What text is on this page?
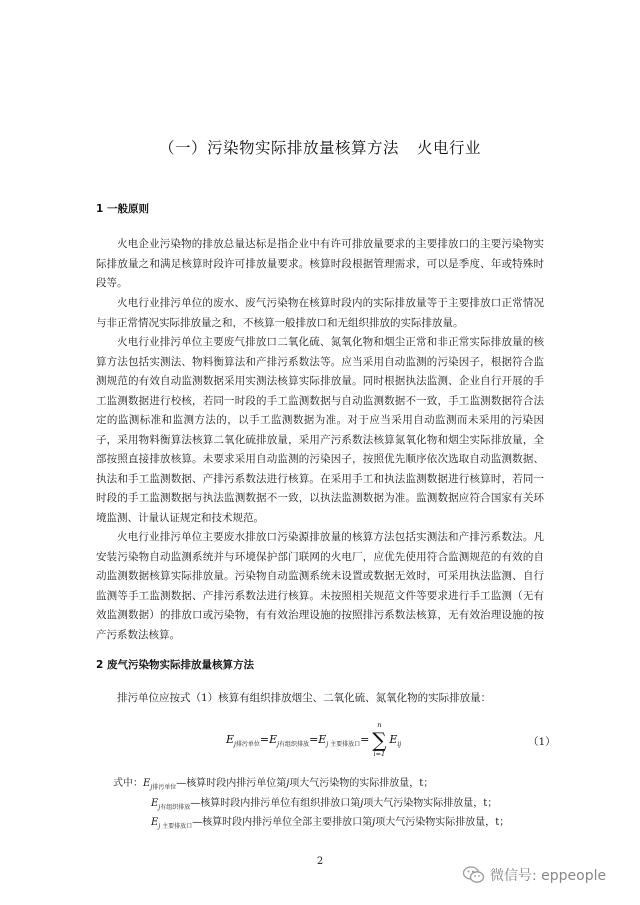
（一）污染物实际排放量核算方法 火电行业
1 一般原则

火电企业污染物的排放总量达标是指企业中有许可排放量要求的主要排放口的主要污染物实际排放量之和满足核算时段许可排放量要求。核算时段根据管理需求，可以是季度、年或特殊时段等。

火电行业排污单位的废水、废气污染物在核算时段内的实际排放量等于主要排放口正常情况与非正常情况实际排放量之和，不核算一般排放口和无组织排放的实际排放量。

火电行业排污单位主要废气排放口二氧化硫、氮氧化物和烟尘正常和非正常实际排放量的核算方法包括实测法、物料衡算法和产排污系数法等。应当采用自动监测的污染因子，根据符合监测规范的有效自动监测数据采用实测法核算实际排放量。同时根据执法监测、企业自行开展的手工监测数据进行校核，若同一时段的手工监测数据与自动监测数据不一致，手工监测数据符合法定的监测标准和监测方法的，以手工监测数据为准。对于应当采用自动监测而未采用的污染因子，采用物料衡算法核算二氧化硫排放量，采用产污系数法核算氮氧化物和烟尘实际排放量，全部按照直接排放核算。未要求采用自动监测的污染因子，按照优先顺序依次选取自动监测数据、执法和手工监测数据、产排污系数法进行核算。在采用手工和执法监测数据进行核算时，若同一时段的手工监测数据与执法监测数据不一致，以执法监测数据为准。监测数据应符合国家有关环境监测、计量认证规定和技术规范。

火电行业排污单位主要废水排放口污染源排放量的核算方法包括实测法和产排污系数法。凡安装污染物自动监测系统并与环境保护部门联网的火电厂，应优先使用符合监测规范的有效的自动监测数据核算实际排放量。污染物自动监测系统未设置或数据无效时，可采用执法监测、自行监测等手工监测数据、产排污系数法进行核算。未按照相关规范文件等要求进行手工监测（无有效监测数据）的排放口或污染物，有有效治理设施的按照排污系数法核算，无有效治理设施的按产污系数法核算。

2 废气污染物实际排放量核算方法

排污单位应按式（1）核算有组织排放烟尘、二氧化硫、氮氧化物的实际排放量：

$E_{j排污单位}=E_{j有组织排放}=E_{j 主要排放口}=$
n
∑
i=1
$E_{ij}$	（1）
式中：$E_{j排污单位}—$核算时段内排污单位第j项大气污染物的实际排放量，t；
$E_{j有组织排放}—$核算时段内排污单位有组织排放口第j项大气污染物实际排放量，t；
$E_{j 主要排放口}—$核算时段内排污单位全部主要排放口第j项大气污染物实际排放量，t；
2
微信号: eppeople
